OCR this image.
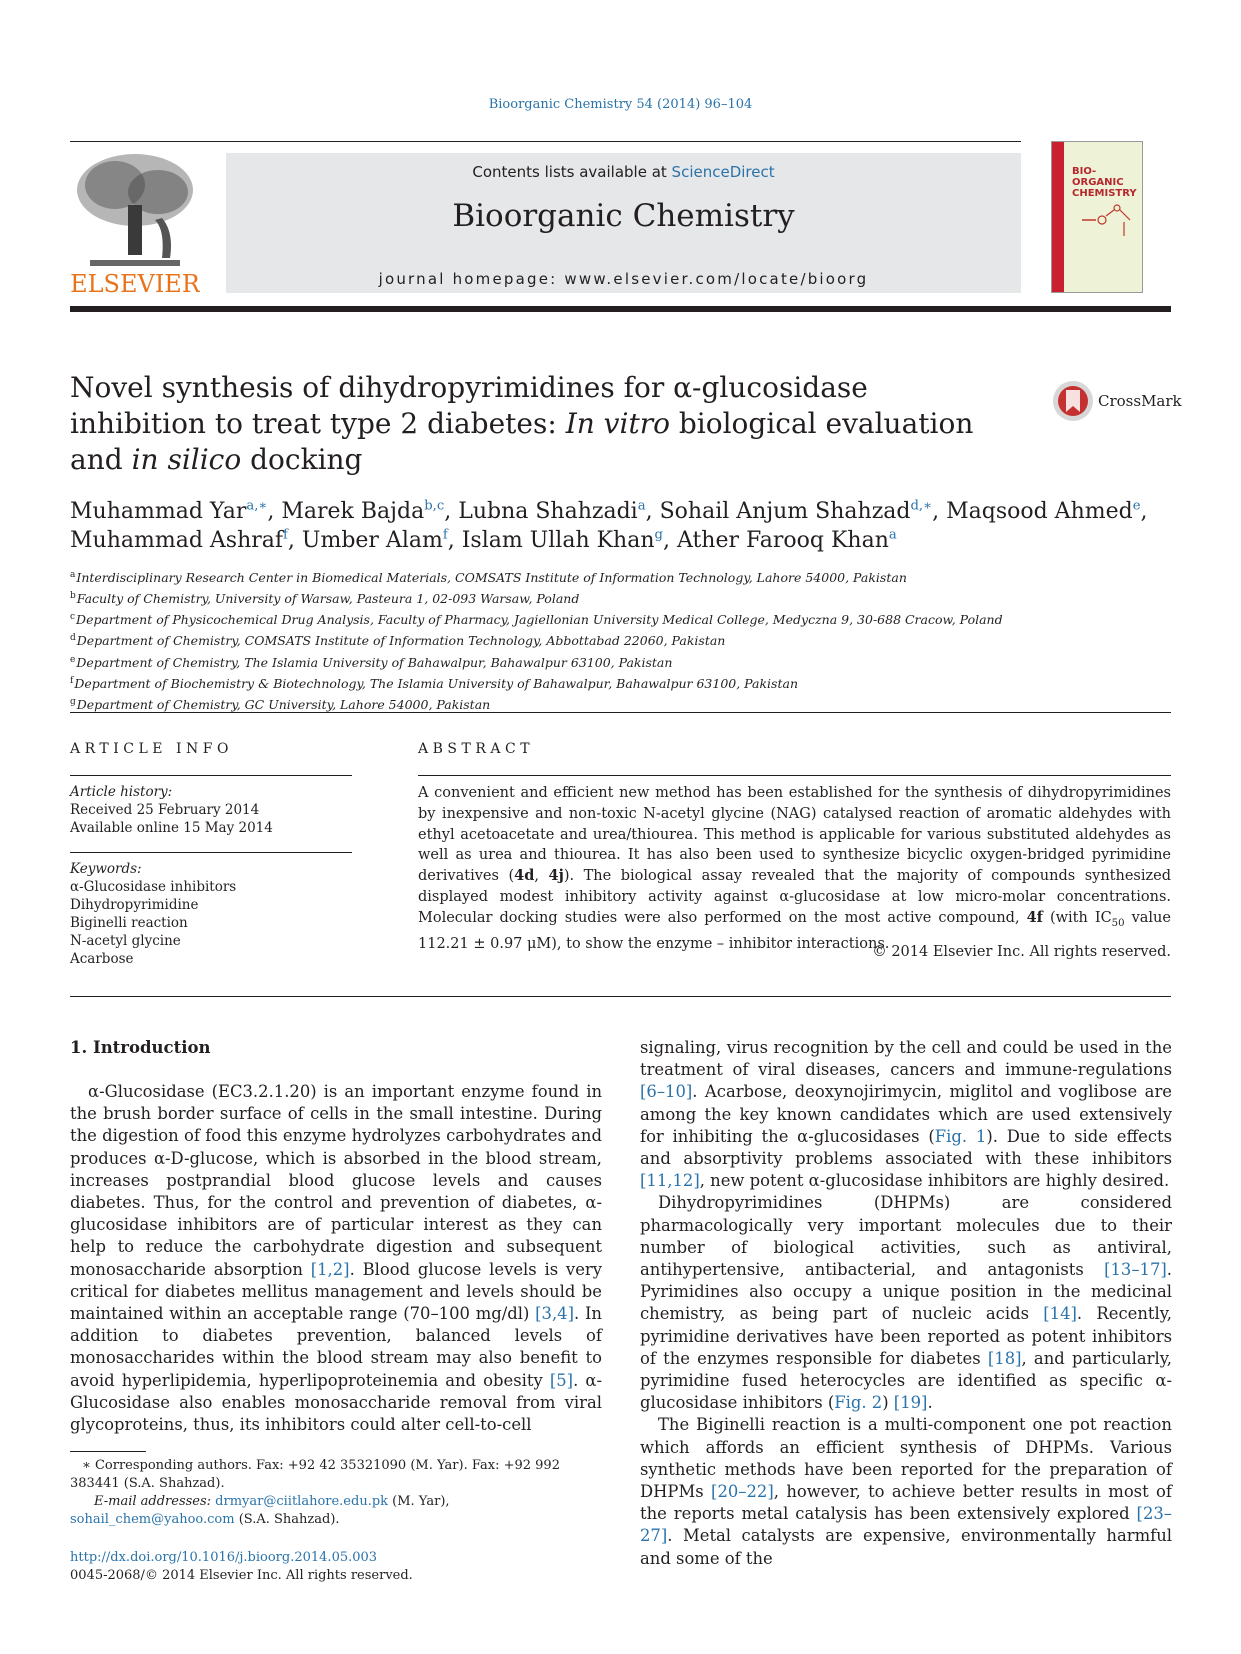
Bioorganic Chemistry 54 (2014) 96–104
ELSEVIER
Contents lists available at ScienceDirect
Bioorganic Chemistry
journal homepage: www.elsevier.com/locate/bioorg
BIO-ORGANIC
CHEMISTRY
Novel synthesis of dihydropyrimidines for α-glucosidase inhibition to treat type 2 diabetes: In vitro biological evaluation and in silico docking
CrossMark
Muhammad Yar$^{a,∗}$, Marek Bajda$^{b,c}$, Lubna Shahzadi$^a$, Sohail Anjum Shahzad$^{d,∗}$, Maqsood Ahmed$^e$,
Muhammad Ashraf$^f$, Umber Alam$^f$, Islam Ullah Khan$^g$, Ather Farooq Khan$^a$
$^a$Interdisciplinary Research Center in Biomedical Materials, COMSATS Institute of Information Technology, Lahore 54000, Pakistan
$^b$Faculty of Chemistry, University of Warsaw, Pasteura 1, 02-093 Warsaw, Poland
$^c$Department of Physicochemical Drug Analysis, Faculty of Pharmacy, Jagiellonian University Medical College, Medyczna 9, 30-688 Cracow, Poland
$^d$Department of Chemistry, COMSATS Institute of Information Technology, Abbottabad 22060, Pakistan
$^e$Department of Chemistry, The Islamia University of Bahawalpur, Bahawalpur 63100, Pakistan
$^f$Department of Biochemistry & Biotechnology, The Islamia University of Bahawalpur, Bahawalpur 63100, Pakistan
$^g$Department of Chemistry, GC University, Lahore 54000, Pakistan
ARTICLE INFO	ABSTRACT
Article history:
Received 25 February 2014
Available online 15 May 2014
Keywords:
α-Glucosidase inhibitors
Dihydropyrimidine
Biginelli reaction
N-acetyl glycine
Acarbose
A convenient and efficient new method has been established for the synthesis of dihydropyrimidines by inexpensive and non-toxic N-acetyl glycine (NAG) catalysed reaction of aromatic aldehydes with ethyl acetoacetate and urea/thiourea. This method is applicable for various substituted aldehydes as well as urea and thiourea. It has also been used to synthesize bicyclic oxygen-bridged pyrimidine derivatives (4d, 4j). The biological assay revealed that the majority of compounds synthesized displayed modest inhibitory activity against α-glucosidase at low micro-molar concentrations. Molecular docking studies were also performed on the most active compound, 4f (with $IC_{50}$ value 112.21 ± 0.97 μM), to show the enzyme – inhibitor interactions.
© 2014 Elsevier Inc. All rights reserved.
1. Introduction

α-Glucosidase (EC3.2.1.20) is an important enzyme found in the brush border surface of cells in the small intestine. During the digestion of food this enzyme hydrolyzes carbohydrates and produces α-D-glucose, which is absorbed in the blood stream, increases postprandial blood glucose levels and causes diabetes. Thus, for the control and prevention of diabetes, α-glucosidase inhibitors are of particular interest as they can help to reduce the carbohydrate digestion and subsequent monosaccharide absorption [1,2]. Blood glucose levels is very critical for diabetes mellitus management and levels should be maintained within an acceptable range (70–100 mg/dl) [3,4]. In addition to diabetes prevention, balanced levels of monosaccharides within the blood stream may also benefit to avoid hyperlipidemia, hyperlipoproteinemia and obesity [5]. α-Glucosidase also enables monosaccharide removal from viral glycoproteins, thus, its inhibitors could alter cell-to-cell

signaling, virus recognition by the cell and could be used in the treatment of viral diseases, cancers and immune-regulations [6–10]. Acarbose, deoxynojirimycin, miglitol and voglibose are among the key known candidates which are used extensively for inhibiting the α-glucosidases (Fig. 1). Due to side effects and absorptivity problems associated with these inhibitors [11,12], new potent α-glucosidase inhibitors are highly desired.

Dihydropyrimidines (DHPMs) are considered pharmacologically very important molecules due to their number of biological activities, such as antiviral, antihypertensive, antibacterial, and antagonists [13–17]. Pyrimidines also occupy a unique position in the medicinal chemistry, as being part of nucleic acids [14]. Recently, pyrimidine derivatives have been reported as potent inhibitors of the enzymes responsible for diabetes [18], and particularly, pyrimidine fused heterocycles are identified as specific α-glucosidase inhibitors (Fig. 2) [19].

The Biginelli reaction is a multi-component one pot reaction which affords an efficient synthesis of DHPMs. Various synthetic methods have been reported for the preparation of DHPMs [20–22], however, to achieve better results in most of the reports metal catalysis has been extensively explored [23–27]. Metal catalysts are expensive, environmentally harmful and some of the

∗ Corresponding authors. Fax: +92 42 35321090 (M. Yar). Fax: +92 992 383441 (S.A. Shahzad).
E-mail addresses: drmyar@ciitlahore.edu.pk (M. Yar), sohail_chem@yahoo.com (S.A. Shahzad).
http://dx.doi.org/10.1016/j.bioorg.2014.05.003
0045-2068/© 2014 Elsevier Inc. All rights reserved.
